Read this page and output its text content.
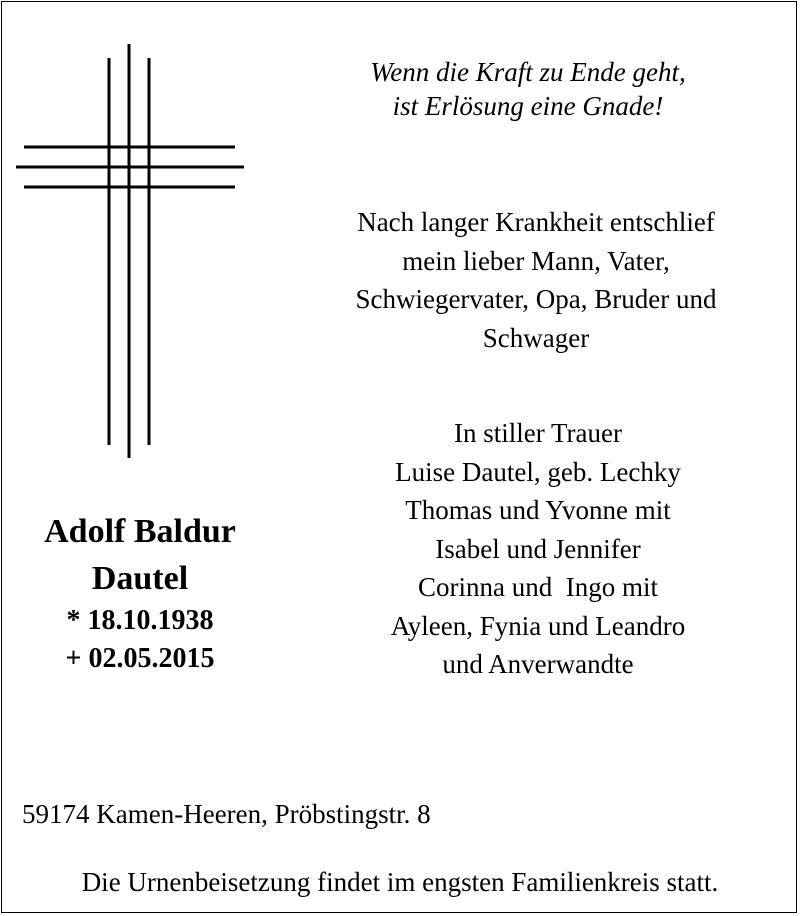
Wenn die Kraft zu Ende geht,
ist Erlösung eine Gnade!
Nach langer Krankheit entschlief
mein lieber Mann, Vater,
Schwiegervater, Opa, Bruder und
Schwager
In stiller Trauer
Luise Dautel, geb. Lechky
Thomas und Yvonne mit
Isabel und Jennifer
Corinna und  Ingo mit
Ayleen, Fynia und Leandro
und Anverwandte
Adolf Baldur
Dautel
* 18.10.1938
+ 02.05.2015
59174 Kamen-Heeren, Pröbstingstr. 8
Die Urnenbeisetzung findet im engsten Familienkreis statt.
